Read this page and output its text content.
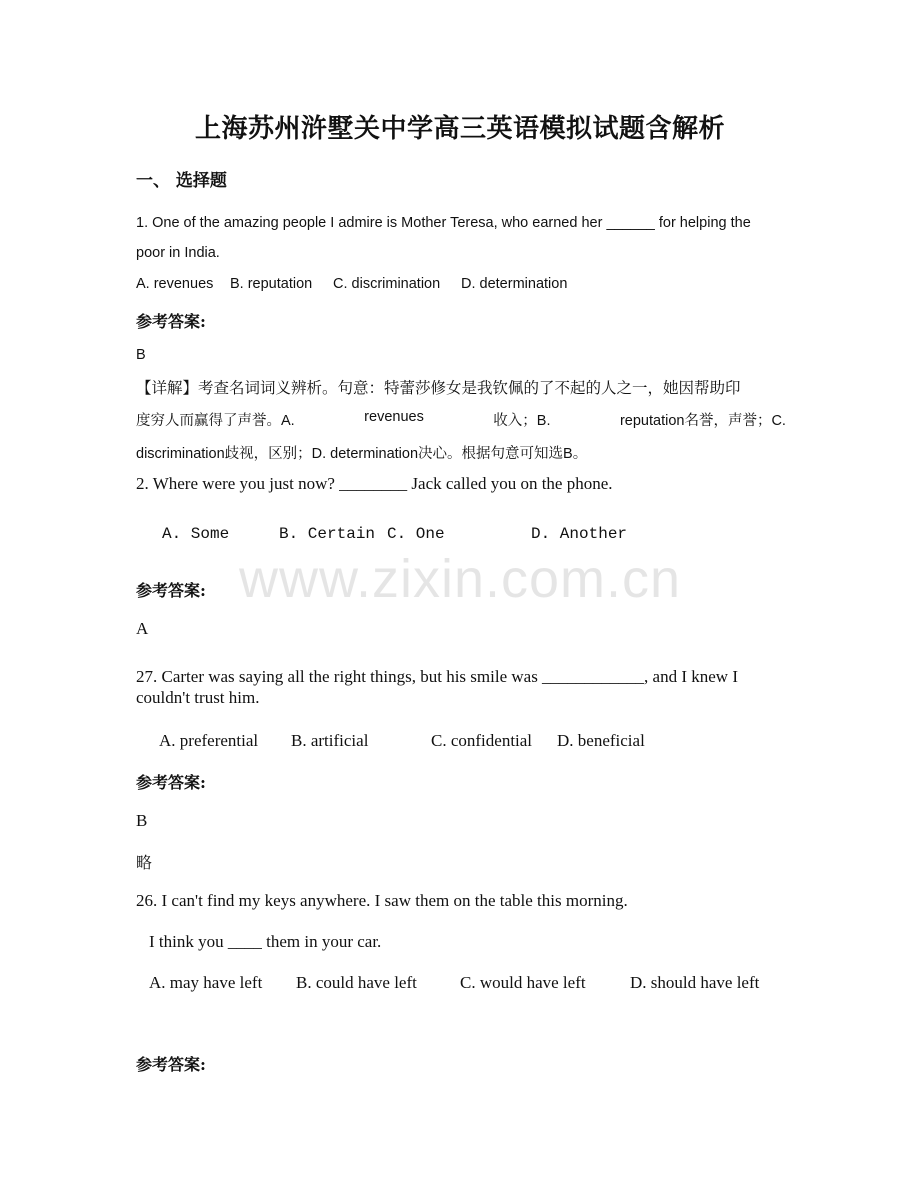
上海苏州浒墅关中学高三英语模拟试题含解析
一、 选择题
1. One of the amazing people I admire is Mother Teresa, who earned her ______ for helping the
poor in India.
A. revenues B. reputation C. discrimination D. determination
参考答案:
B
【详解】考查名词词义辨析。句意：特蕾莎修女是我钦佩的了不起的人之一，她因帮助印
度穷人而赢得了声誉。A.	revenues	收入；B.	reputation名誉，声誉；C.
discrimination歧视，区别；D. determination决心。根据句意可知选B。
2. Where were you just now? ________ Jack called you on the phone.
A. Some	B. Certain C. One	D. Another
www.zixin.com.cn
参考答案:
A
27. Carter was saying all the right things, but his smile was ____________, and I knew I
couldn't trust him.
A. preferential B. artificial	C. confidential D. beneficial
参考答案:
B
略
26. I can't find my keys anywhere. I saw them on the table this morning.
I think you ____ them in your car.
A. may have left B. could have left	C. would have left	D. should have left
参考答案:
